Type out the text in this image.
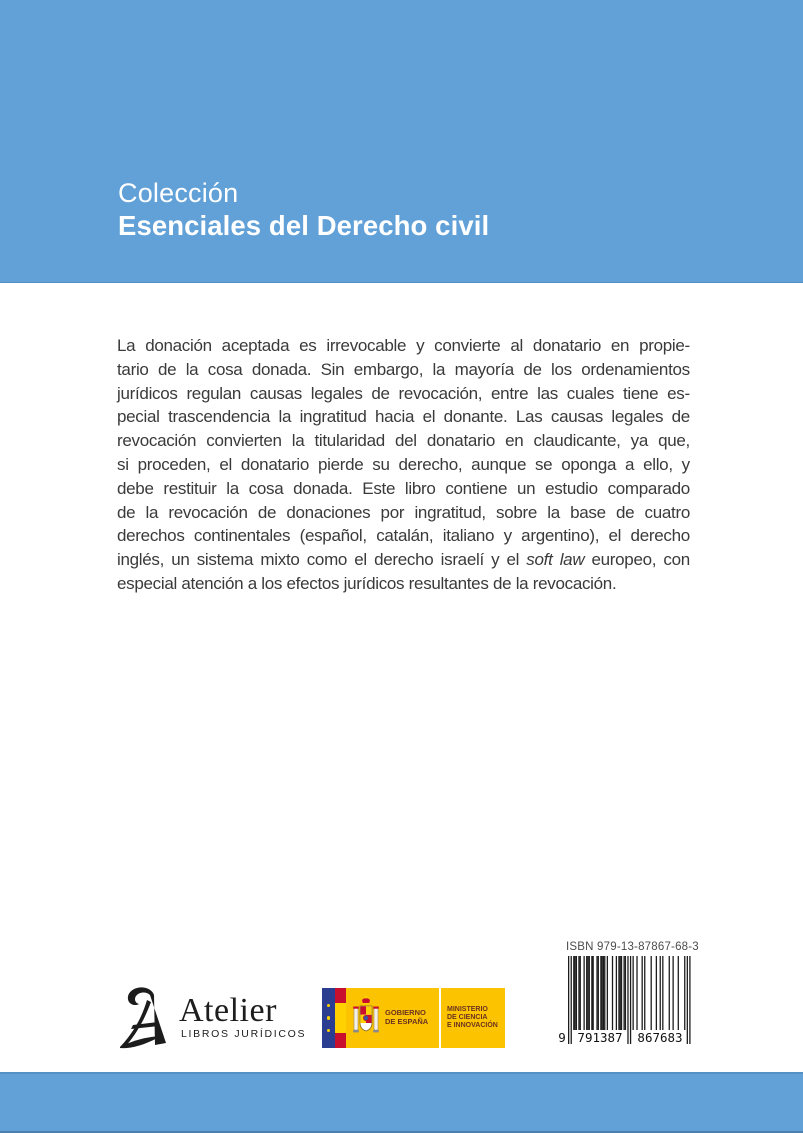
Colección
Esenciales del Derecho civil
La donación aceptada es irrevocable y convierte al donatario en propie-
tario de la cosa donada. Sin embargo, la mayoría de los ordenamientos
jurídicos regulan causas legales de revocación, entre las cuales tiene es-
pecial trascendencia la ingratitud hacia el donante. Las causas legales de
revocación convierten la titularidad del donatario en claudicante, ya que,
si proceden, el donatario pierde su derecho, aunque se oponga a ello, y
debe restituir la cosa donada. Este libro contiene un estudio comparado
de la revocación de donaciones por ingratitud, sobre la base de cuatro
derechos continentales (español, catalán, italiano y argentino), el derecho
inglés, un sistema mixto como el derecho israelí y el soft law europeo, con
especial atención a los efectos jurídicos resultantes de la revocación.
Atelier
LIBROS JURÍDICOS
GOBIERNO
DE ESPAÑA
MINISTERIO
DE CIENCIA
E INNOVACIÓN
ISBN 979-13-87867-68-3
9 791387 867683
